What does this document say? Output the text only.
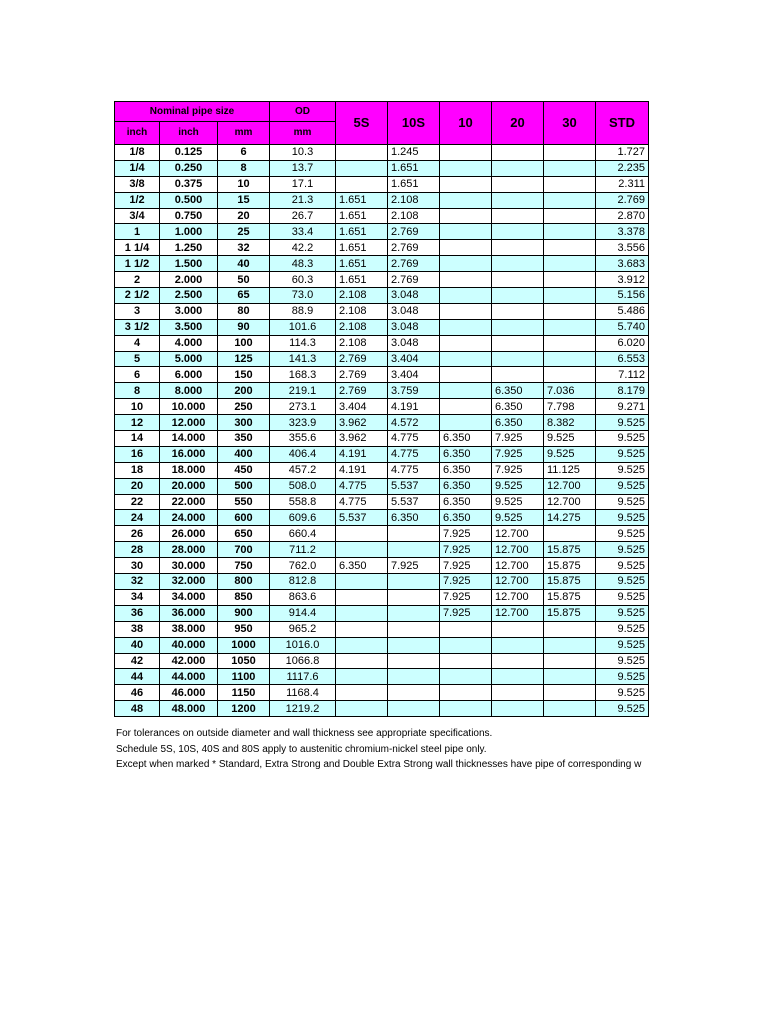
Nominal pipe size			OD	5S	10S	10	20	30	STD
inch	inch	mm	mm						
1/8	0.125	6	10.3		1.245				1.727
1/4	0.250	8	13.7		1.651				2.235
3/8	0.375	10	17.1		1.651				2.311
1/2	0.500	15	21.3	1.651	2.108				2.769
3/4	0.750	20	26.7	1.651	2.108				2.870
1	1.000	25	33.4	1.651	2.769				3.378
1 1/4	1.250	32	42.2	1.651	2.769				3.556
1 1/2	1.500	40	48.3	1.651	2.769				3.683
2	2.000	50	60.3	1.651	2.769				3.912
2 1/2	2.500	65	73.0	2.108	3.048				5.156
3	3.000	80	88.9	2.108	3.048				5.486
3 1/2	3.500	90	101.6	2.108	3.048				5.740
4	4.000	100	114.3	2.108	3.048				6.020
5	5.000	125	141.3	2.769	3.404				6.553
6	6.000	150	168.3	2.769	3.404				7.112
8	8.000	200	219.1	2.769	3.759		6.350	7.036	8.179
10	10.000	250	273.1	3.404	4.191		6.350	7.798	9.271
12	12.000	300	323.9	3.962	4.572		6.350	8.382	9.525
14	14.000	350	355.6	3.962	4.775	6.350	7.925	9.525	9.525
16	16.000	400	406.4	4.191	4.775	6.350	7.925	9.525	9.525
18	18.000	450	457.2	4.191	4.775	6.350	7.925	11.125	9.525
20	20.000	500	508.0	4.775	5.537	6.350	9.525	12.700	9.525
22	22.000	550	558.8	4.775	5.537	6.350	9.525	12.700	9.525
24	24.000	600	609.6	5.537	6.350	6.350	9.525	14.275	9.525
26	26.000	650	660.4			7.925	12.700		9.525
28	28.000	700	711.2			7.925	12.700	15.875	9.525
30	30.000	750	762.0	6.350	7.925	7.925	12.700	15.875	9.525
32	32.000	800	812.8			7.925	12.700	15.875	9.525
34	34.000	850	863.6			7.925	12.700	15.875	9.525
36	36.000	900	914.4			7.925	12.700	15.875	9.525
38	38.000	950	965.2						9.525
40	40.000	1000	1016.0						9.525
42	42.000	1050	1066.8						9.525
44	44.000	1100	1117.6						9.525
46	46.000	1150	1168.4						9.525
48	48.000	1200	1219.2						9.525
For tolerances on outside diameter and wall thickness see appropriate specifications.
Schedule 5S, 10S, 40S and 80S apply to austenitic chromium-nickel steel pipe only.
Except when marked * Standard, Extra Strong and Double Extra Strong wall thicknesses have pipe of corresponding w
